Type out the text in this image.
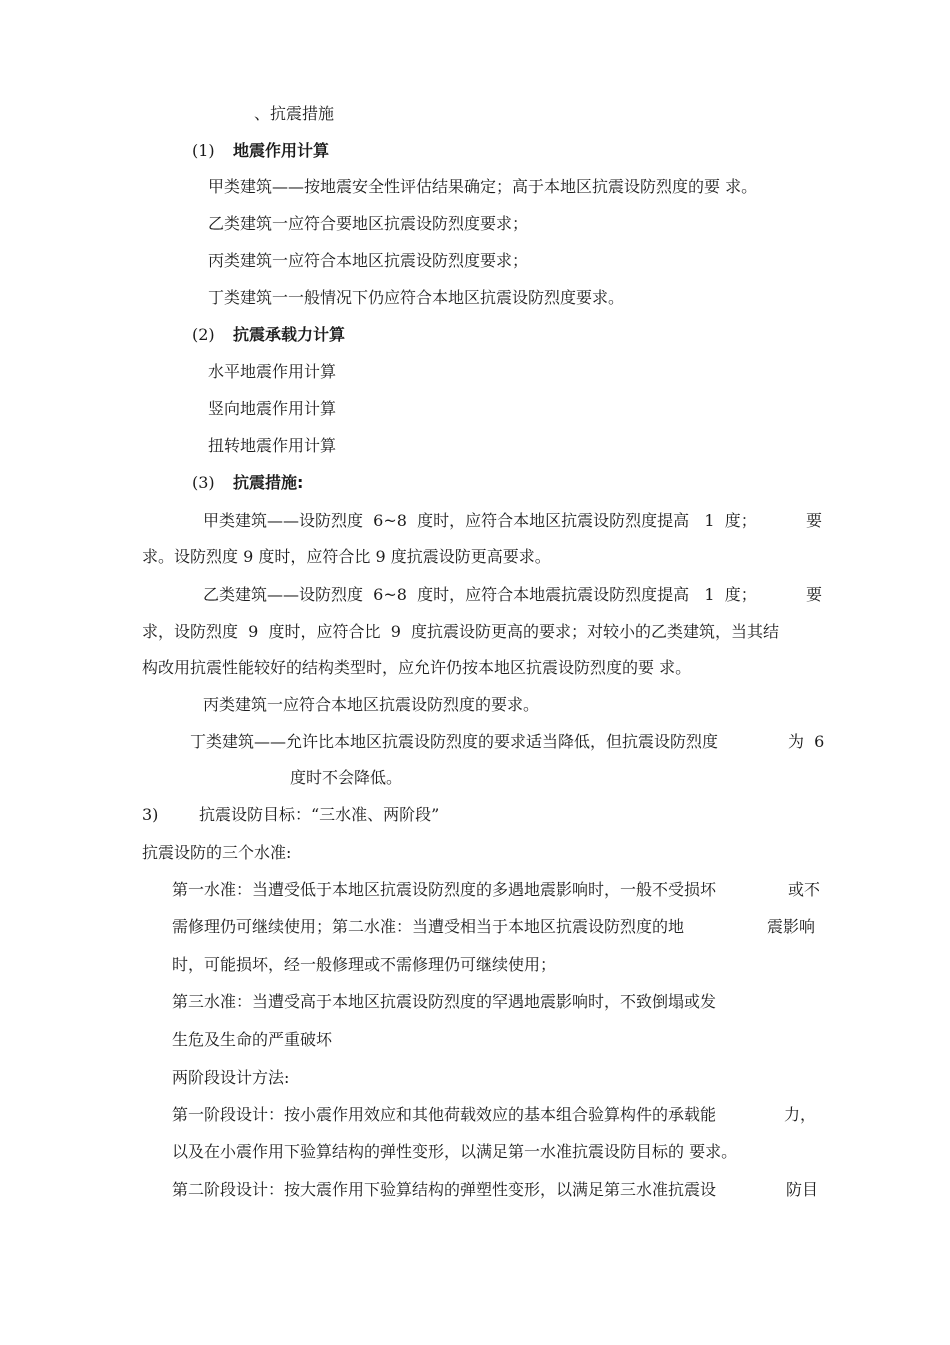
、抗震措施
(1) 地震作用计算
甲类建筑——按地震安全性评估结果确定；高于本地区抗震设防烈度的要 求。
乙类建筑一应符合要地区抗震设防烈度要求；
丙类建筑一应符合本地区抗震设防烈度要求；
丁类建筑一一般情况下仍应符合本地区抗震设防烈度要求。
(2) 抗震承载力计算
水平地震作用计算
竖向地震作用计算
扭转地震作用计算
(3) 抗震措施:
甲类建筑——设防烈度  6~8  度时，应符合本地区抗震设防烈度提高   1  度；	要
求。设防烈度 9 度时，应符合比 9 度抗震设防更高要求。
乙类建筑——设防烈度  6~8  度时，应符合本地震抗震设防烈度提高   1  度；	要
求，设防烈度  9  度时，应符合比  9  度抗震设防更高的要求；对较小的乙类建筑，当其结
构改用抗震性能较好的结构类型时，应允许仍按本地区抗震设防烈度的要 求。
丙类建筑一应符合本地区抗震设防烈度的要求。
丁类建筑——允许比本地区抗震设防烈度的要求适当降低，但抗震设防烈度	为  6
度时不会降低。
3)	抗震设防目标：“三水准、两阶段”
抗震设防的三个水准:
第一水准：当遭受低于本地区抗震设防烈度的多遇地震影响时，一般不受损坏	或不
需修理仍可继续使用；第二水准：当遭受相当于本地区抗震设防烈度的地	震影响
时，可能损坏，经一般修理或不需修理仍可继续使用；
第三水准：当遭受高于本地区抗震设防烈度的罕遇地震影响时，不致倒塌或发
生危及生命的严重破坏
两阶段设计方法:
第一阶段设计：按小震作用效应和其他荷载效应的基本组合验算构件的承载能	力，
以及在小震作用下验算结构的弹性变形，以满足第一水准抗震设防目标的 要求。
第二阶段设计：按大震作用下验算结构的弹塑性变形，以满足第三水准抗震设	防目
